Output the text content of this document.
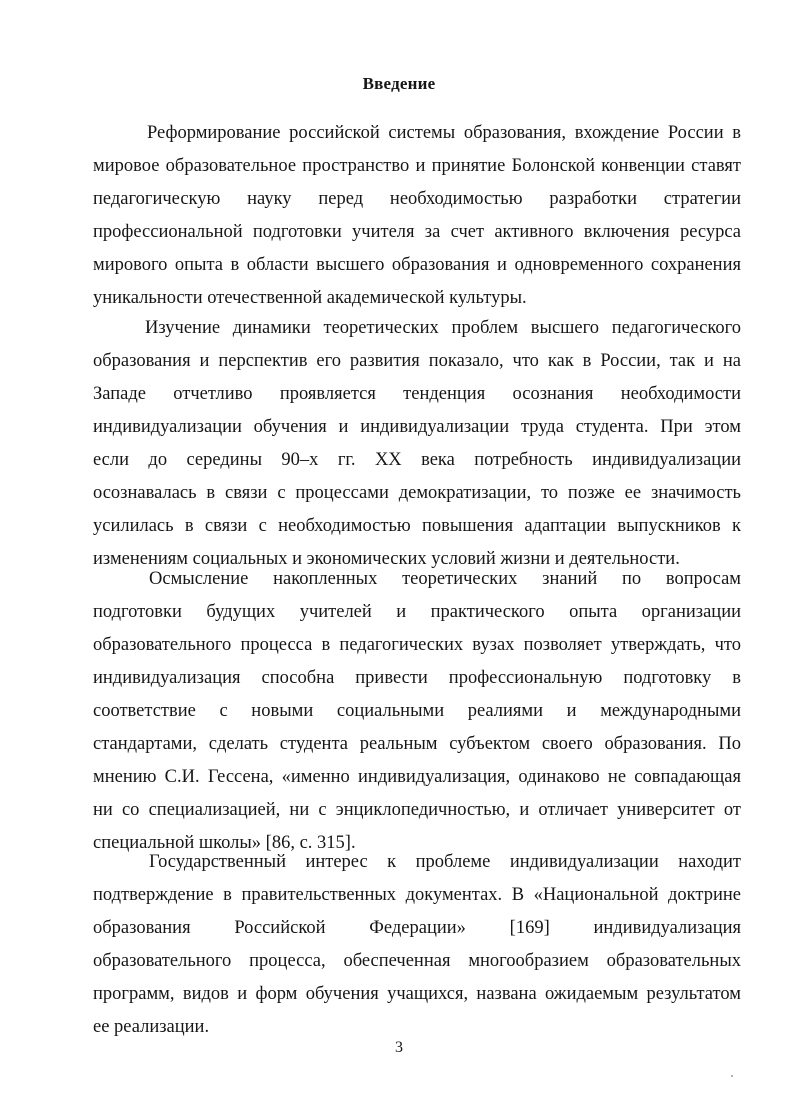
Введение
Реформирование российской системы образования, вхождение России в
мировое образовательное пространство и принятие Болонской конвенции ставят
педагогическую науку перед необходимостью разработки стратегии
профессиональной подготовки учителя за счет активного включения ресурса
мирового опыта в области высшего образования и одновременного сохранения
уникальности отечественной академической культуры.
Изучение динамики теоретических проблем высшего педагогического
образования и перспектив его развития показало, что как в России, так и на
Западе отчетливо проявляется тенденция осознания необходимости
индивидуализации обучения и индивидуализации труда студента. При этом
если до середины 90–х гг. XX века потребность индивидуализации
осознавалась в связи с процессами демократизации, то позже ее значимость
усилилась в связи с необходимостью повышения адаптации выпускников к
изменениям социальных и экономических условий жизни и деятельности.
Осмысление накопленных теоретических знаний по вопросам
подготовки будущих учителей и практического опыта организации
образовательного процесса в педагогических вузах позволяет утверждать, что
индивидуализация способна привести профессиональную подготовку в
соответствие с новыми социальными реалиями и международными
стандартами, сделать студента реальным субъектом своего образования. По
мнению С.И. Гессена, «именно индивидуализация, одинаково не совпадающая
ни со специализацией, ни с энциклопедичностью, и отличает университет от
специальной школы» [86, с. 315].
Государственный интерес к проблеме индивидуализации находит
подтверждение в правительственных документах. В «Национальной доктрине
образования Российской Федерации» [169] индивидуализация
образовательного процесса, обеспеченная многообразием образовательных
программ, видов и форм обучения учащихся, названа ожидаемым результатом
ее реализации.
3
